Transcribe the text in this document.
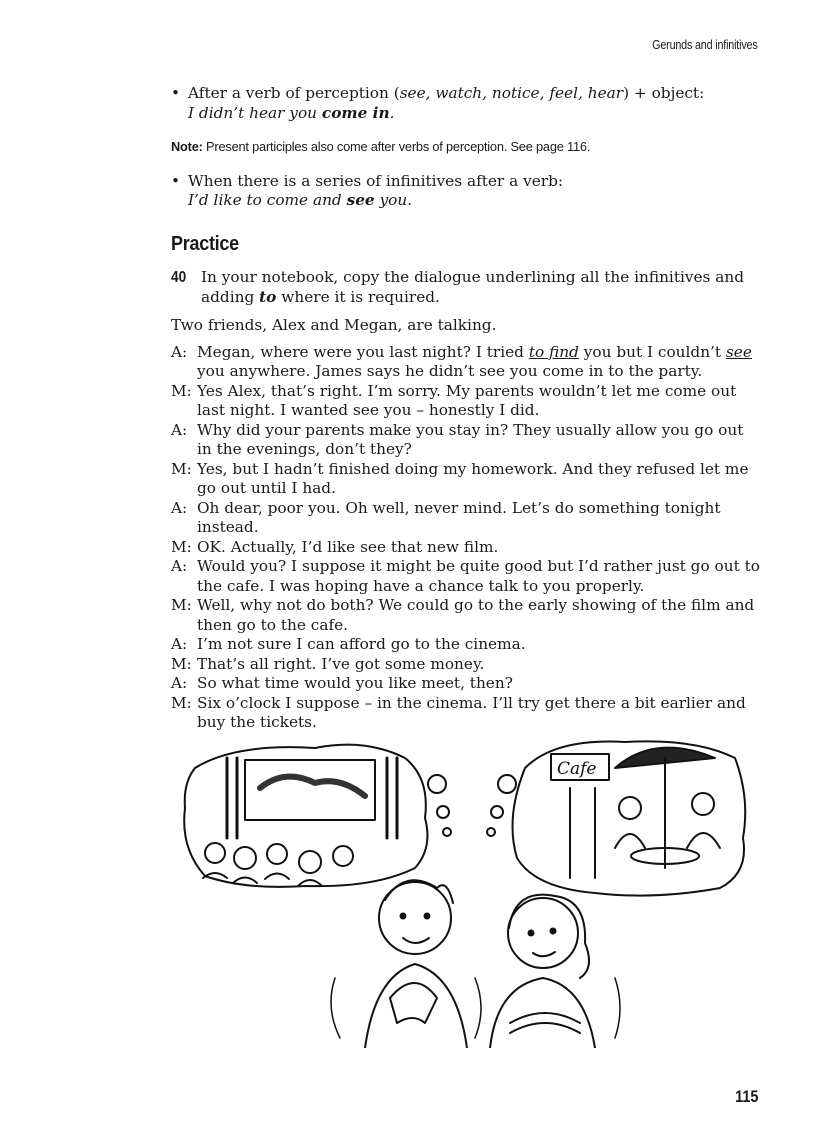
Gerunds and infinitives
• After a verb of perception (see, watch, notice, feel, hear) + object:
I didn’t hear you come in.
Note: Present participles also come after verbs of perception. See page 116.
• When there is a series of infinitives after a verb:
I’d like to come and see you.
Practice
40 In your notebook, copy the dialogue underlining all the infinitives and adding to where it is required.
Two friends, Alex and Megan, are talking.
A: Megan, where were you last night? I tried to find you but I couldn’t see you anywhere. James says he didn’t see you come in to the party.
M: Yes Alex, that’s right. I’m sorry. My parents wouldn’t let me come out last night. I wanted see you – honestly I did.
A: Why did your parents make you stay in? They usually allow you go out in the evenings, don’t they?
M: Yes, but I hadn’t finished doing my homework. And they refused let me go out until I had.
A: Oh dear, poor you. Oh well, never mind. Let’s do something tonight instead.
M: OK. Actually, I’d like see that new film.
A: Would you? I suppose it might be quite good but I’d rather just go out to the cafe. I was hoping have a chance talk to you properly.
M: Well, why not do both? We could go to the early showing of the film and then go to the cafe.
A: I’m not sure I can afford go to the cinema.
M: That’s all right. I’ve got some money.
A: So what time would you like meet, then?
M: Six o’clock I suppose – in the cinema. I’ll try get there a bit earlier and buy the tickets.
Cafe
115
